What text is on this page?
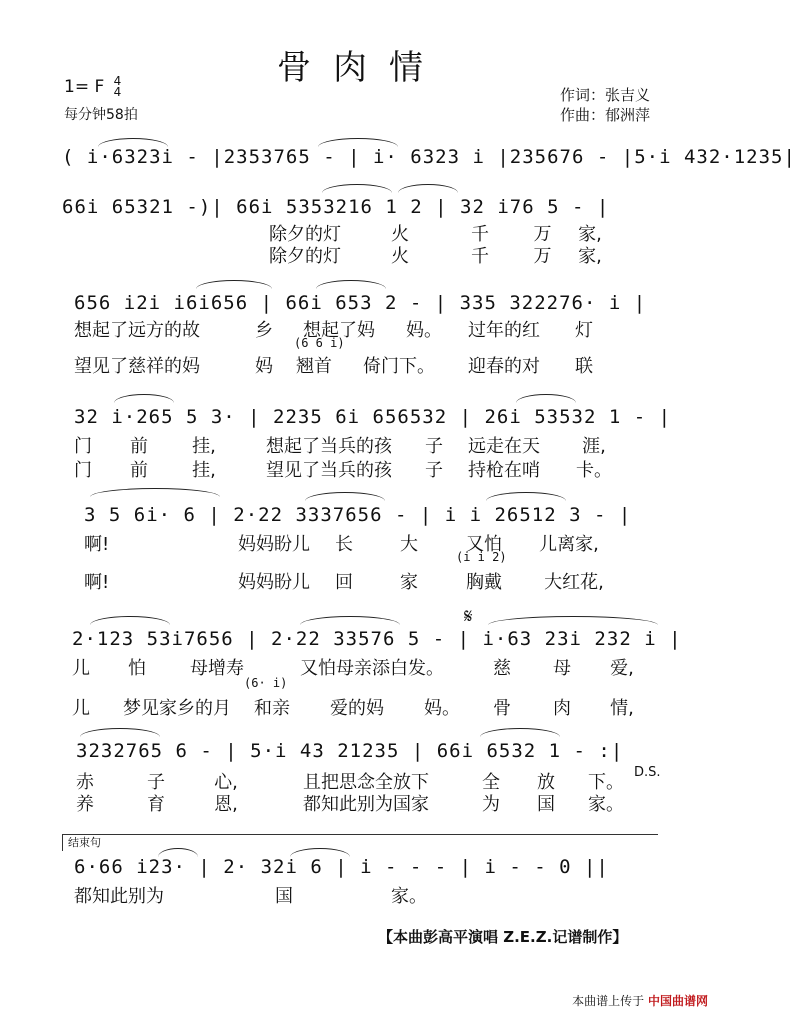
骨肉情
1= F 4
4
每分钟58拍
作词：张吉义
作曲：郁洲萍
( i·6323i - |2353765 - | i· 6323 i |235676 - |5·i 432·1235|
66i 65321 -)| 66i 5353216 1 2 | 32 i76 5 - |
除夕的灯	火	千 万 家,
除夕的灯	火	千 万 家,
656 i2i i6i656 | 66i 653 2 - | 335 322276· i |
想起了远方的故	乡 想起了妈 妈。 过年的红 灯
(6 6 i)
望见了慈祥的妈	妈 翘首 倚门下。 迎春的对 联
32 i·265 5 3· | 2235 6i 656532 | 26i 53532 1 - |
门 前 挂,	想起了当兵的孩 子 远走在天 涯,
门 前 挂,	望见了当兵的孩 子 持枪在哨 卡。
3 5 6i· 6 | 2·22 3337656 - | i i 26512 3 - |
啊!	妈妈盼儿 长	大	又怕 儿离家,
(i i 2)
啊!	妈妈盼儿 回	家	胸戴 大红花,
𝄋
2·123 53i7656 | 2·22 33576 5 - | i·63 23i 232 i |
儿 怕 母增寿	又怕母亲添白发。	慈 母 爱,
(6· i)
儿 梦见家乡的月 和亲 爱的妈 妈。 骨 肉 情,
3232765 6 - | 5·i 43 21235 | 66i 6532 1 - :|
D.S.
赤	子	心,	且把思念全放下	全 放 下。
养	育	恩,	都知此别为国家	为 国 家。
结束句
6·66 i23· | 2· 32i 6 | i - - - | i - - 0 ||
都知此别为	国	家。
【本曲彭高平演唱 Z.E.Z.记谱制作】
本曲谱上传于 中国曲谱网
